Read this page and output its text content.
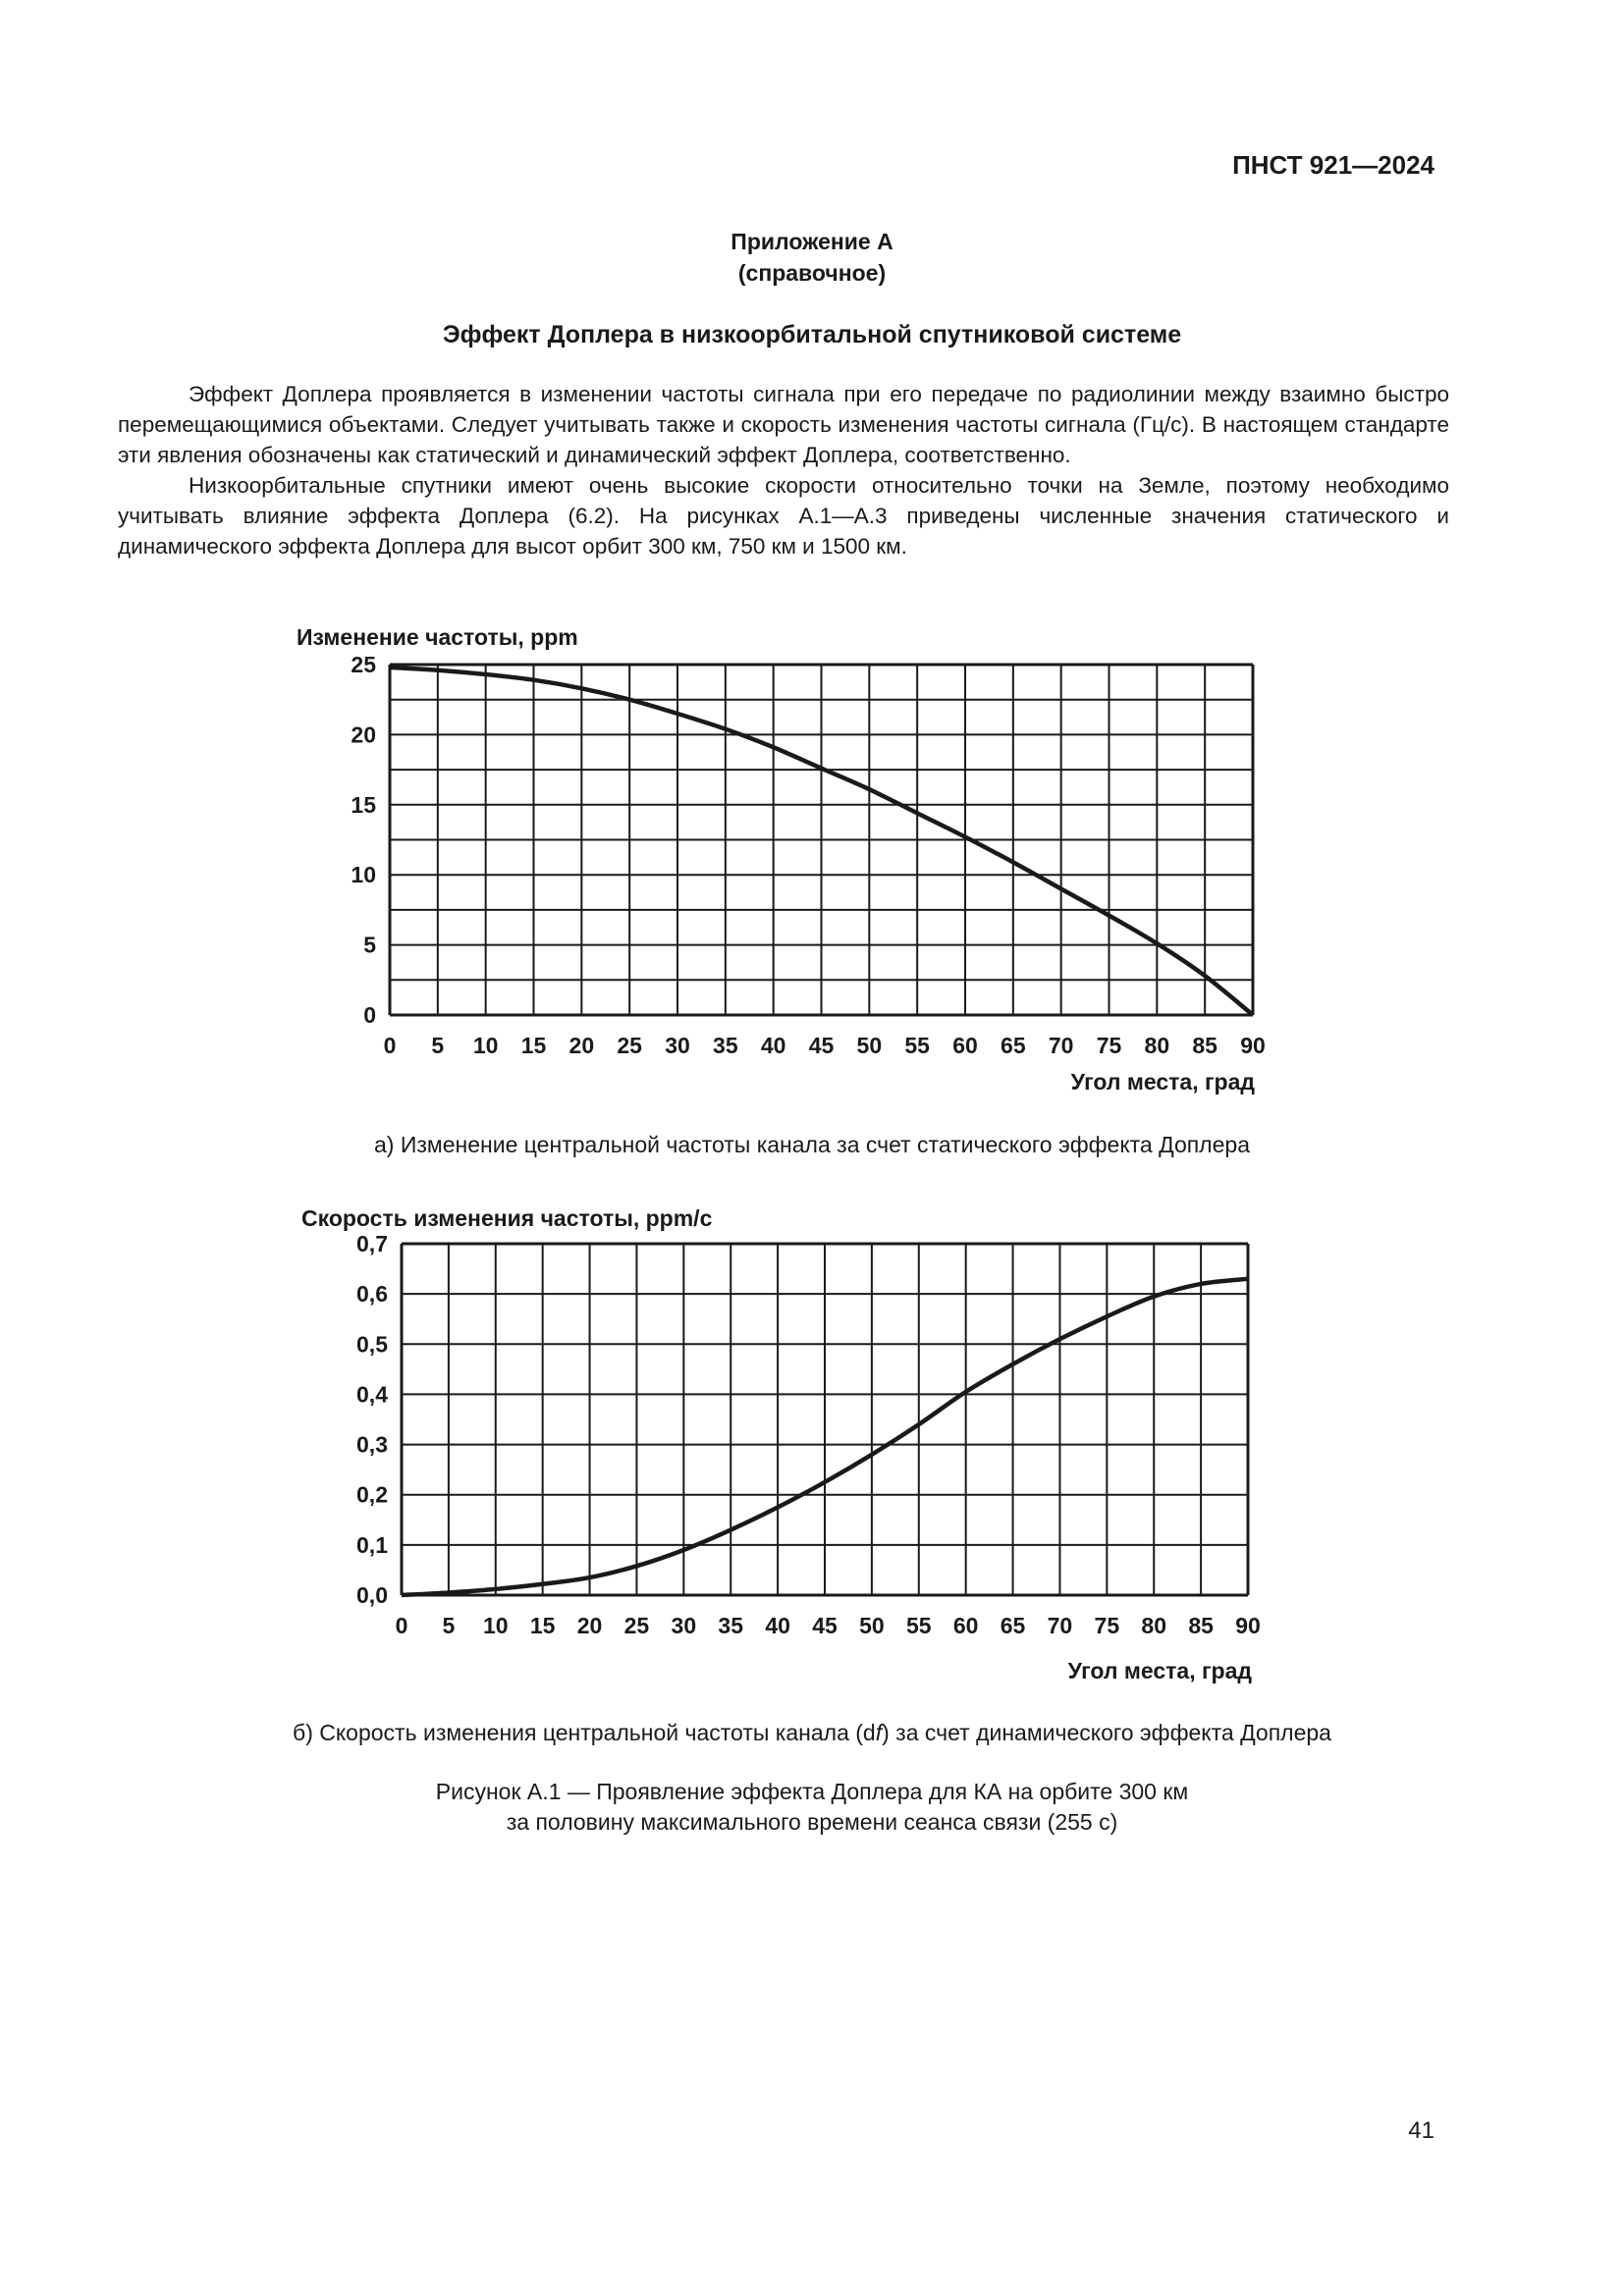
ПНСТ 921—2024
Приложение А
(справочное)
Эффект Доплера в низкоорбитальной спутниковой системе

Эффект Доплера проявляется в изменении частоты сигнала при его передаче по радиолинии между взаимно быстро перемещающимися объектами. Следует учитывать также и скорость изменения частоты сигнала (Гц/с). В настоящем стандарте эти явления обозначены как статический и динамический эффект Доплера, соответственно.

Низкоорбитальные спутники имеют очень высокие скорости относительно точки на Земле, поэтому необходимо учитывать влияние эффекта Доплера (6.2). На рисунках А.1—А.3 приведены численные значения статического и динамического эффекта Доплера для высот орбит 300 км, 750 км и 1500 км.

Изменение частоты, ppm
0
5
10
15
20
25
0 5 10 15 20 25 30 35 40 45 50 55 60 65 70 75 80 85 90
Угол места, град
а) Изменение центральной частоты канала за счет статического эффекта Доплера
Скорость изменения частоты, ppm/c
0,0
0,1
0,2
0,3
0,4
0,5
0,6
0,7
0 5 10 15 20 25 30 35 40 45 50 55 60 65 70 75 80 85 90
Угол места, град
б) Скорость изменения центральной частоты канала (df) за счет динамического эффекта Доплера
Рисунок А.1 — Проявление эффекта Доплера для КА на орбите 300 км
за половину максимального времени сеанса связи (255 с)
41
